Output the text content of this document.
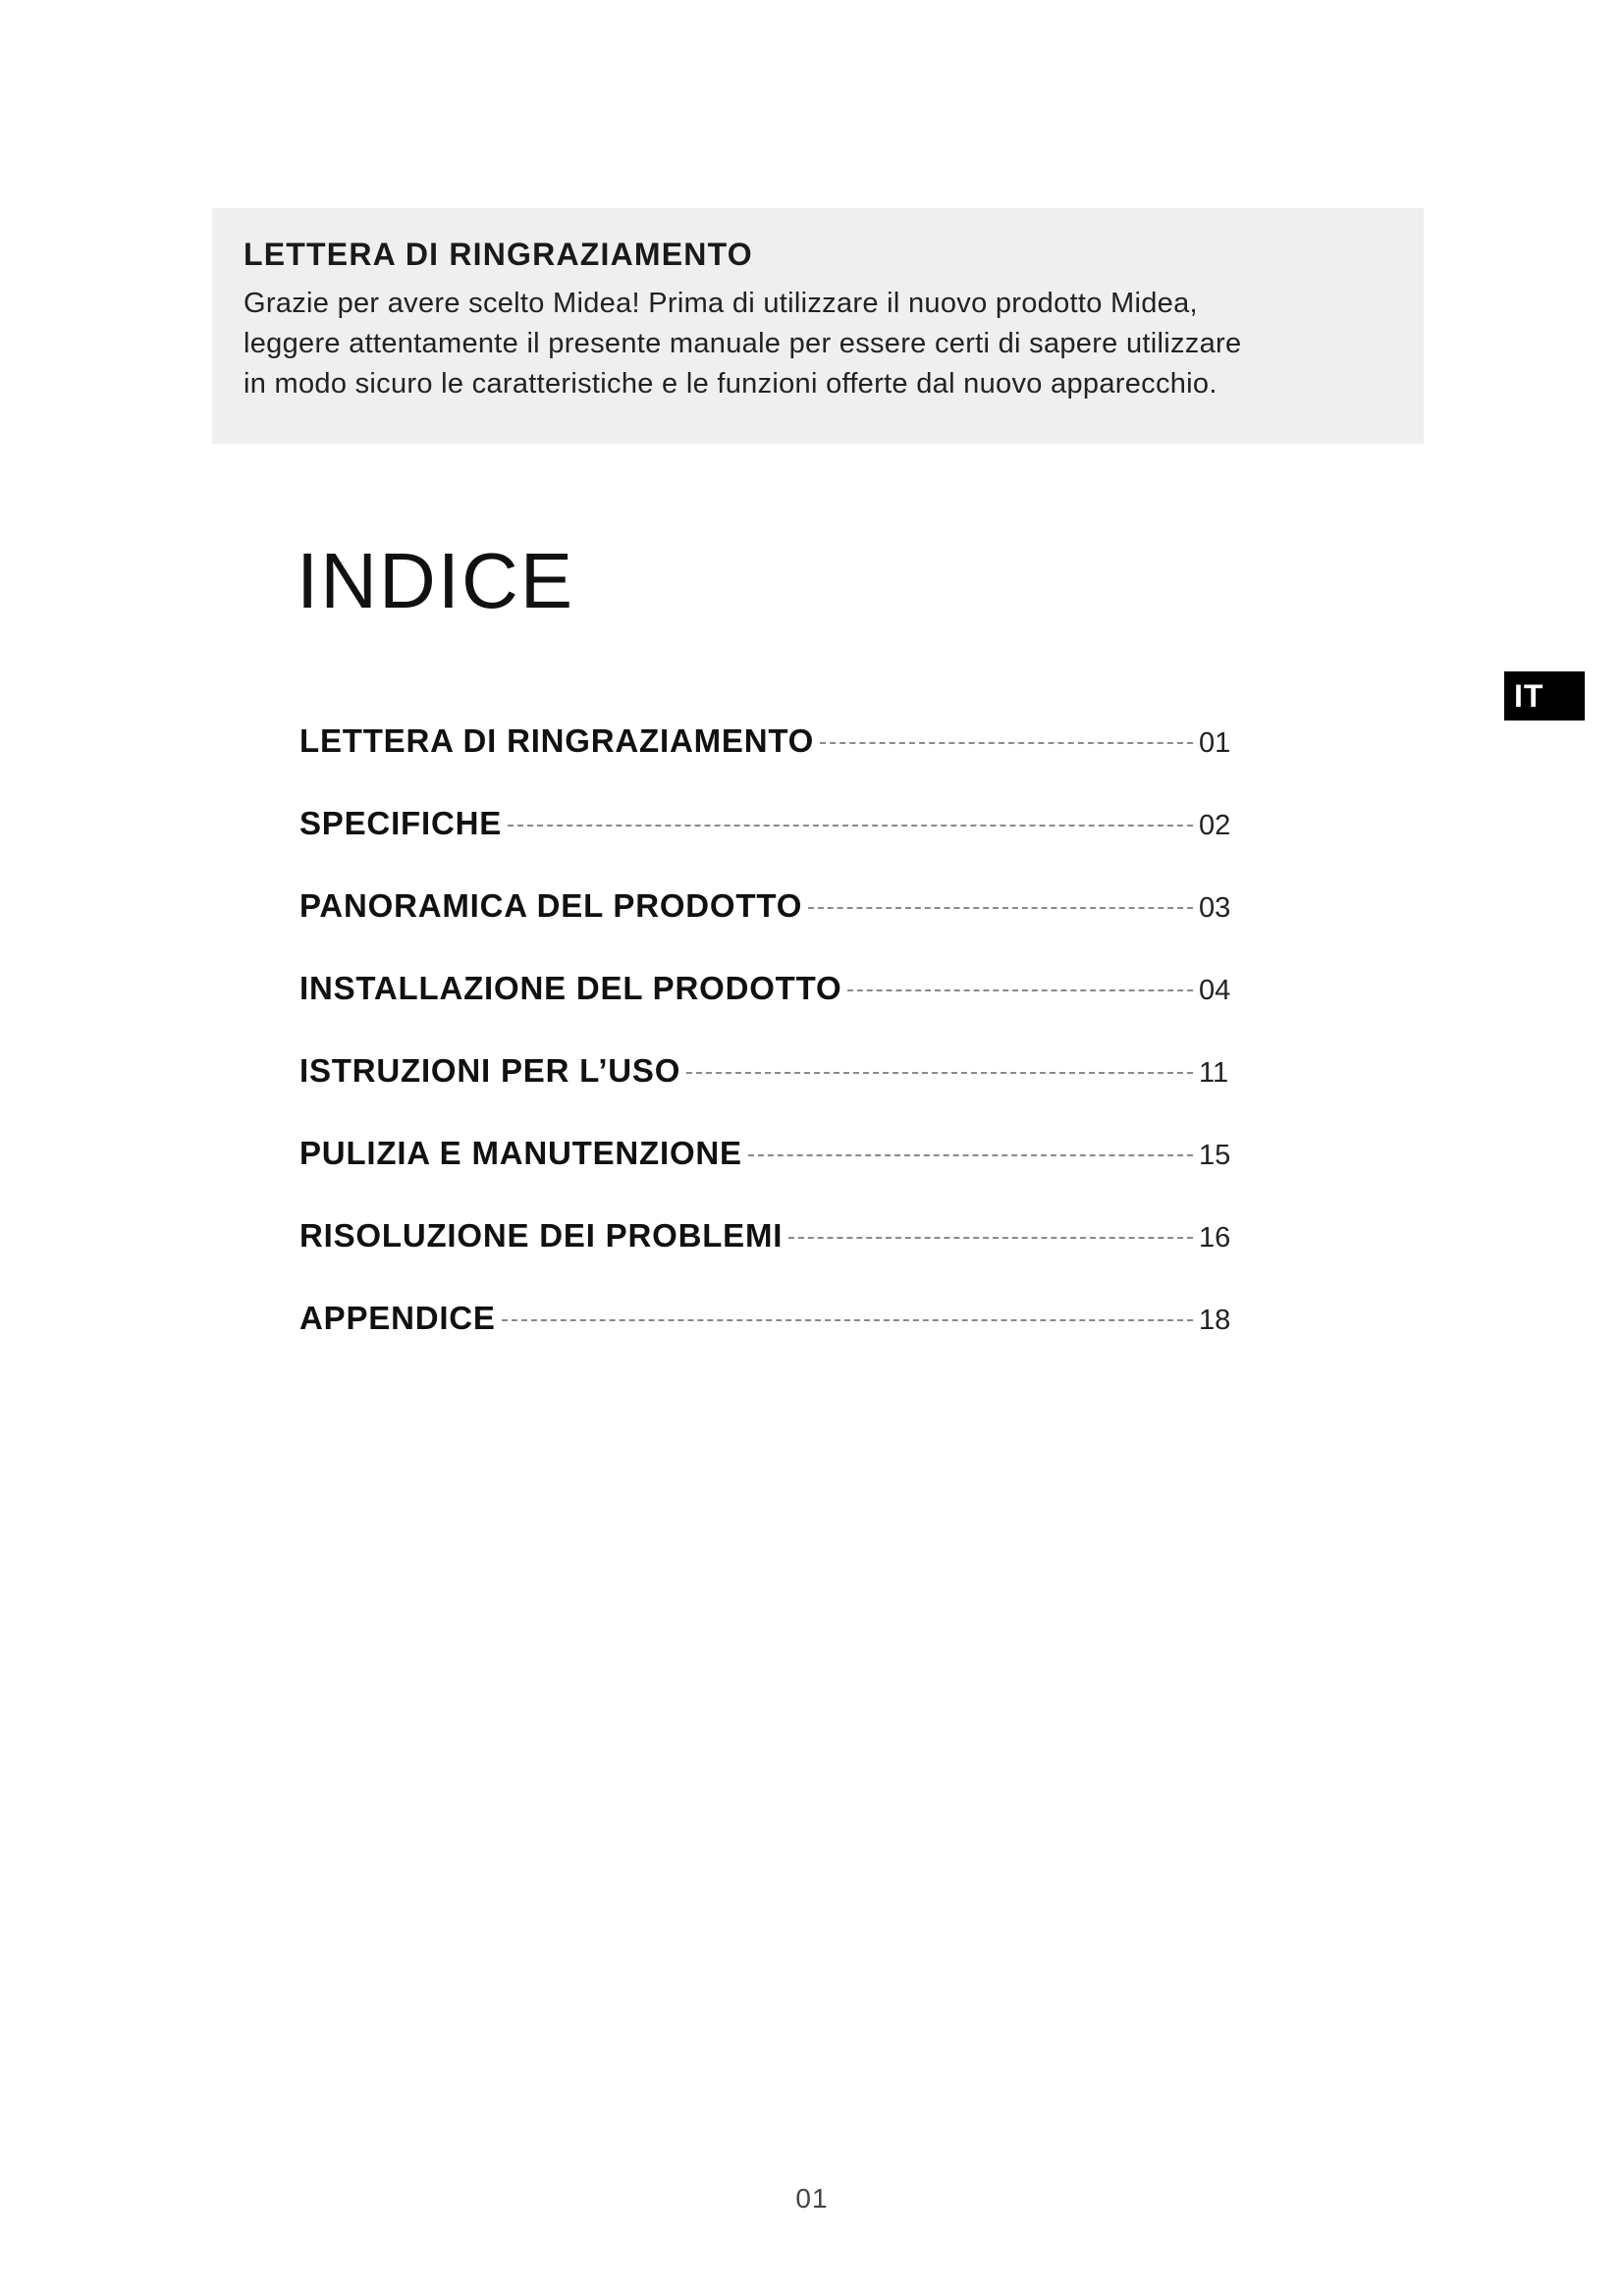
LETTERA DI RINGRAZIAMENTO

Grazie per avere scelto Midea! Prima di utilizzare il nuovo prodotto Midea,
leggere attentamente il presente manuale per essere certi di sapere utilizzare
in modo sicuro le caratteristiche e le funzioni offerte dal nuovo apparecchio.

INDICE
IT
LETTERA DI RINGRAZIAMENTO	01
SPECIFICHE	02
PANORAMICA DEL PRODOTTO	03
INSTALLAZIONE DEL PRODOTTO	04
ISTRUZIONI PER L’USO	11
PULIZIA E MANUTENZIONE	15
RISOLUZIONE DEI PROBLEMI	16
APPENDICE	18
01
